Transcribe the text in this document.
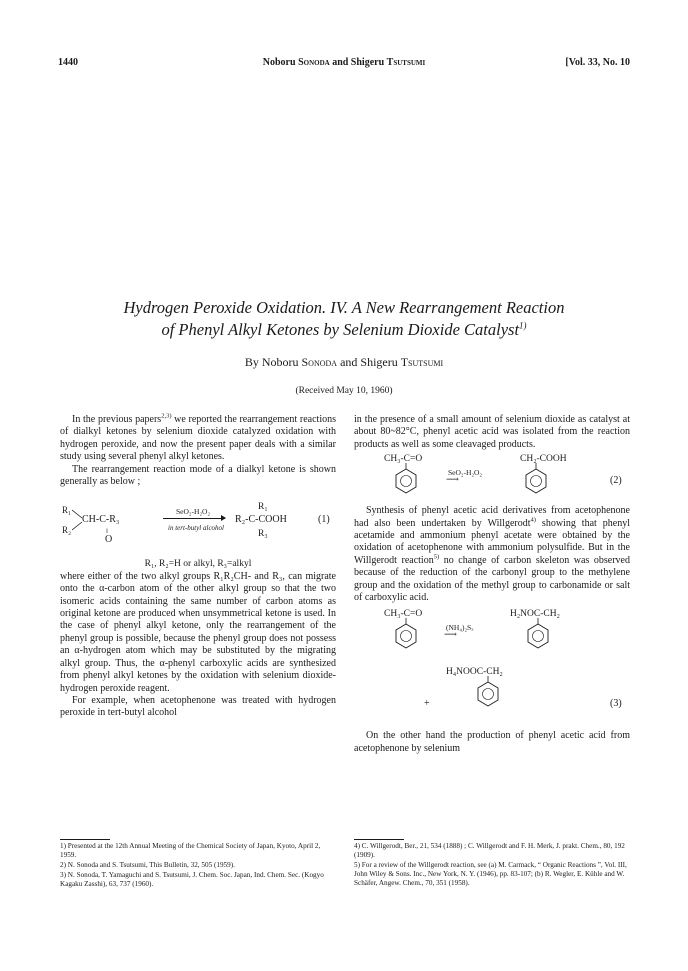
1440	Noboru Sonoda and Shigeru Tsutsumi	[Vol. 33, No. 10
Hydrogen Peroxide Oxidation. IV. A New Rearrangement Reaction
of Phenyl Alkyl Ketones by Selenium Dioxide Catalyst$^{1)}$
By Noboru Sonoda and Shigeru Tsutsumi
(Received May 10, 1960)

In the previous papers$^{2,3)}$ we reported the rearrangement reactions of dialkyl ketones by selenium dioxide catalyzed oxidation with hydrogen peroxide, and now the present paper deals with a similar study using several phenyl alkyl ketones.

The rearrangement reaction mode of a dialkyl ketone is shown generally as below ;

R₁
R₂
CH-C-R₃
‖
O
SeO₂-H₂O₂
in tert-butyl alcohol
R₁
R₂-C-COOH
R₃
(1)

R₁, R₂=H or alkyl, R₃=alkyl

where either of the two alkyl groups R₁R₂CH- and R₃, can migrate onto the α-carbon atom of the other alkyl group so that the two isomeric acids containing the same number of carbon atoms as original ketone are produced when unsymmetrical ketone is used. In the case of phenyl alkyl ketone, only the rearrangement of the phenyl group is possible, because the phenyl group does not possess an α-hydrogen atom which may be substituted by the migrating alkyl group. Thus, the α-phenyl carboxylic acids are synthesized from phenyl alkyl ketones by the oxidation with selenium dioxide-hydrogen peroxide reagent.

For example, when acetophenone was treated with hydrogen peroxide in tert-butyl alcohol

in the presence of a small amount of selenium dioxide as catalyst at about 80~82°C, phenyl acetic acid was isolated from the reaction products as well as some cleavaged products.

CH₃-C=O
SeO₂-H₂O₂
⟶
CH₂-COOH
(2)

Synthesis of phenyl acetic acid derivatives from acetophenone had also been undertaken by Willgerodt$^{4)}$ showing that phenyl acetamide and ammonium phenyl acetate were obtained by the oxidation of acetophenone with ammonium polysulfide. But in the Willgerodt reaction$^{5)}$ no change of carbon skeleton was observed because of the reduction of the carbonyl group to the methylene group and the oxidation of the methyl group to carbonamide or salt of carboxylic acid.

CH₃-C=O
(NH₄)₂Sₓ
⟶
H₂NOC-CH₂
H₄NOOC-CH₂
+	(3)

On the other hand the production of phenyl acetic acid from acetophenone by selenium

1) Presented at the 12th Annual Meeting of the Chemical Society of Japan, Kyoto, April 2, 1959.

2) N. Sonoda and S. Tsutsumi, This Bulletin, 32, 505 (1959).

3) N. Sonoda, T. Yamaguchi and S. Tsutsumi, J. Chem. Soc. Japan, Ind. Chem. Sec. (Kogyo Kagaku Zasshi), 63, 737 (1960).

4) C. Willgerodt, Ber., 21, 534 (1888) ; C. Willgerodt and F. H. Merk, J. prakt. Chem., 80, 192 (1909).

5) For a review of the Willgerodt reaction, see (a) M. Carmack, “ Organic Reactions ”, Vol. III, John Wiley & Sons. Inc., New York, N. Y. (1946), pp. 83-107; (b) R. Wegler, E. Kühle and W. Schäfer, Angew. Chem., 70, 351 (1958).
